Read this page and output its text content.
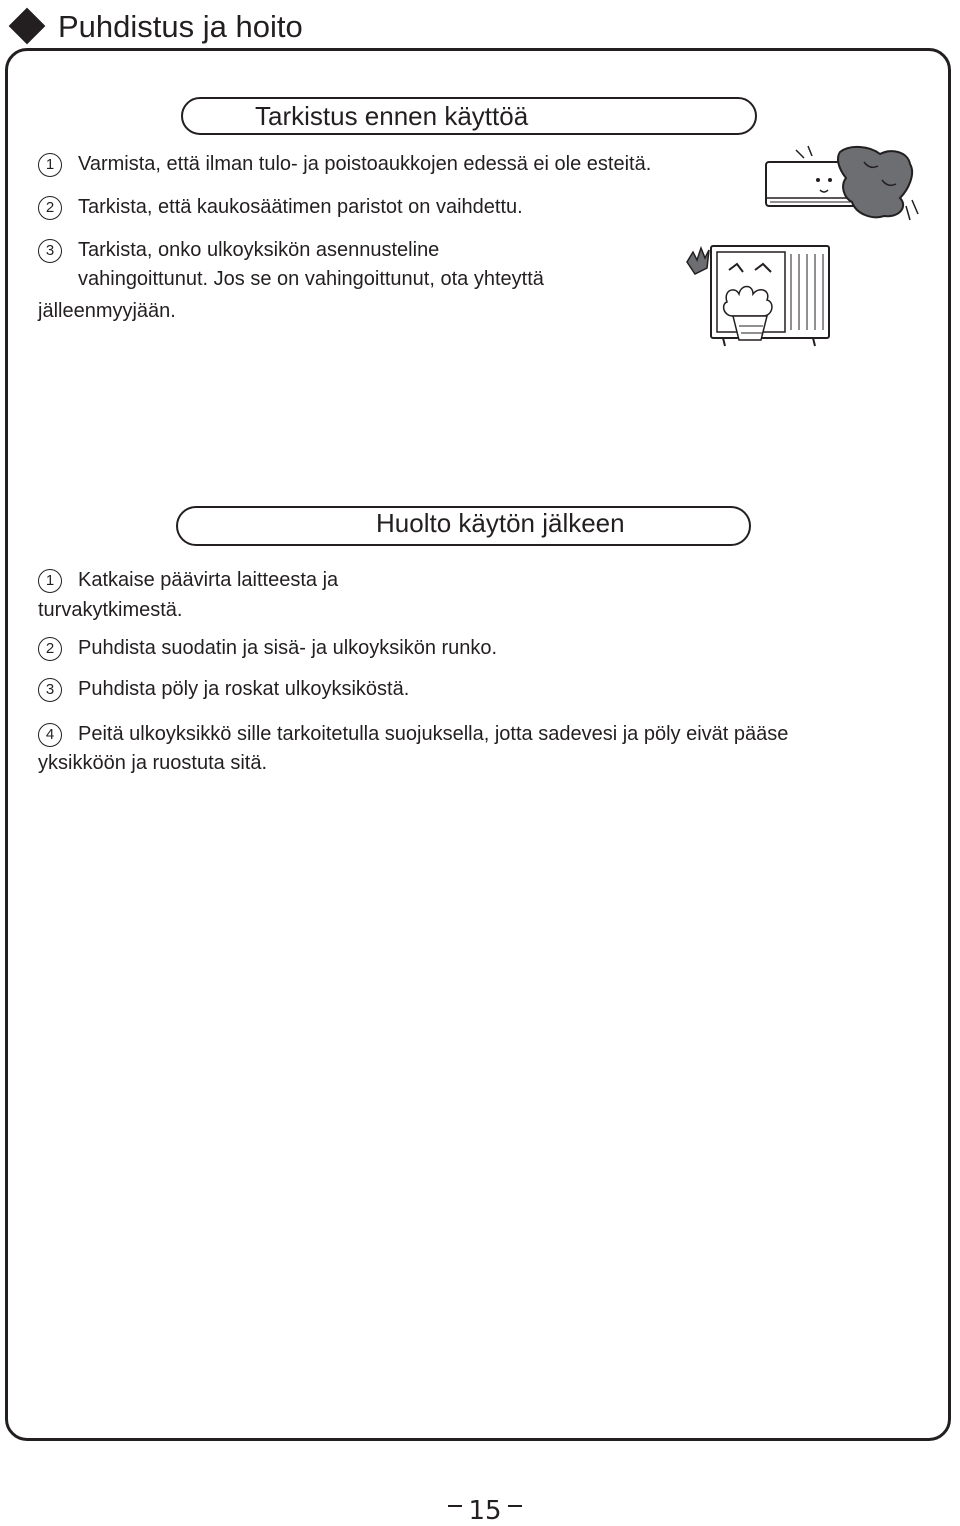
Puhdistus ja hoito
Tarkistus ennen käyttöä
1 Varmista, että ilman tulo- ja poistoaukkojen edessä ei ole esteitä.
2 Tarkista, että kaukosäätimen paristot on vaihdettu.
3 Tarkista, onko ulkoyksikön asennusteline
vahingoittunut. Jos se on vahingoittunut, ota yhteyttä
jälleenmyyjään.
Huolto käytön jälkeen
1 Katkaise päävirta laitteesta ja
turvakytkimestä.
2 Puhdista suodatin ja sisä- ja ulkoyksikön runko.
3 Puhdista pöly ja roskat ulkoyksiköstä.
4 Peitä ulkoyksikkö sille tarkoitetulla suojuksella, jotta sadevesi ja pöly eivät pääse
yksikköön ja ruostuta sitä.
15
